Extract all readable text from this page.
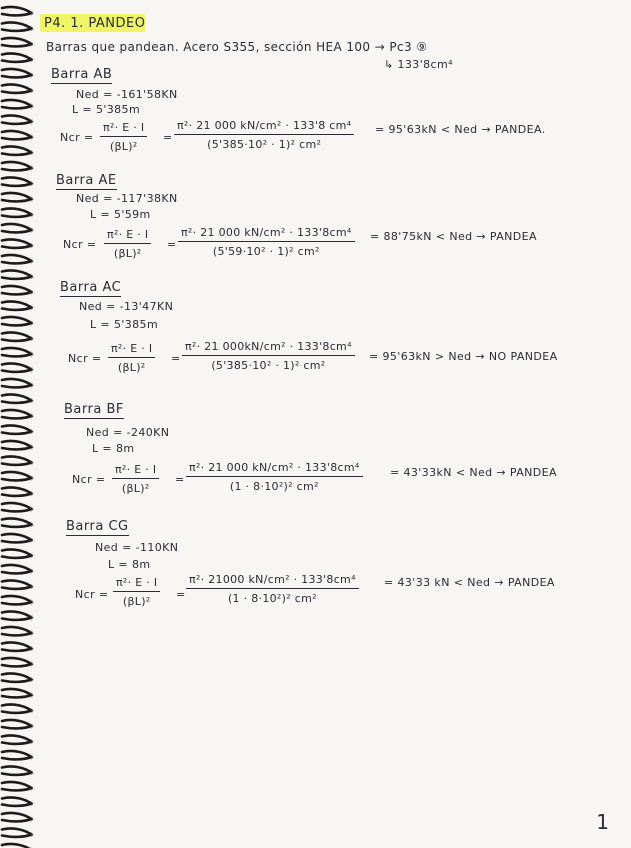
P4. 1. PANDEO
Barras que pandean. Acero S355, sección HEA 100 → Pc3 ⑨
↳ 133'8cm⁴
Barra AB
Ned = -161'58KN
L = 5'385m
Ncr = $\frac{\text{π²· E · I}}{\text{(βL)²}} = \frac{\text{π²· 21 000 kN/cm² · 133'8 cm⁴}}{\text{(5'385·10² · 1)² cm²}} = 95'63kN$ < Ned → PANDEA.
Barra AE
Ned = -117'38KN
L = 5'59m
Ncr = $\frac{\text{π²· E · I}}{\text{(βL)²}} = \frac{\text{π²· 21 000 kN/cm² · 133'8cm⁴}}{\text{(5'59·10² · 1)² cm²}} = 88'75kN$ < Ned → PANDEA
Barra AC
Ned = -13'47KN
L = 5'385m
Ncr = $\frac{\text{π²· E · I}}{\text{(βL)²}} = \frac{\text{π²· 21 000kN/cm² · 133'8cm⁴}}{\text{(5'385·10² · 1)² cm²}} = 95'63kN$ > Ned → NO PANDEA
Barra BF
Ned = -240KN
L = 8m
Ncr = $\frac{\text{π²· E · I}}{\text{(βL)²}} = \frac{\text{π²· 21 000 kN/cm² · 133'8cm⁴}}{\text{(1 · 8·10²)² cm²}} = 43'33kN$ < Ned → PANDEA
Barra CG
Ned = -110KN
L = 8m
Ncr = $\frac{\text{π²· E · I}}{\text{(βL)²}} = \frac{\text{π²· 21000 kN/cm² · 133'8cm⁴}}{\text{(1 · 8·10²)² cm²}} = 43'33$ kN < Ned → PANDEA
1
